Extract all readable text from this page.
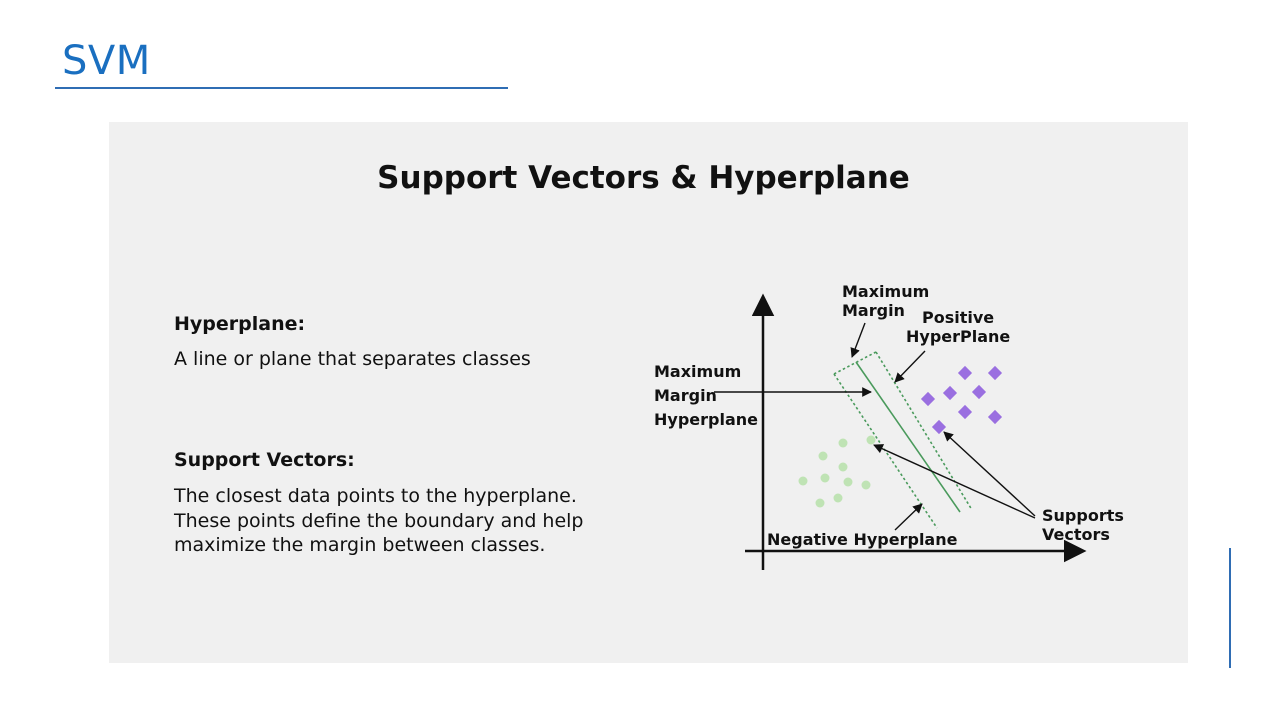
SVM
Support Vectors & Hyperplane
Hyperplane:
A line or plane that separates classes
Support Vectors:
The closest data points to the hyperplane.
These points define the boundary and help
maximize the margin between classes.
Maximum
Margin Positive
HyperPlane
Maximum
Margin
Hyperplane
Negative Hyperplane
Supports
Vectors
